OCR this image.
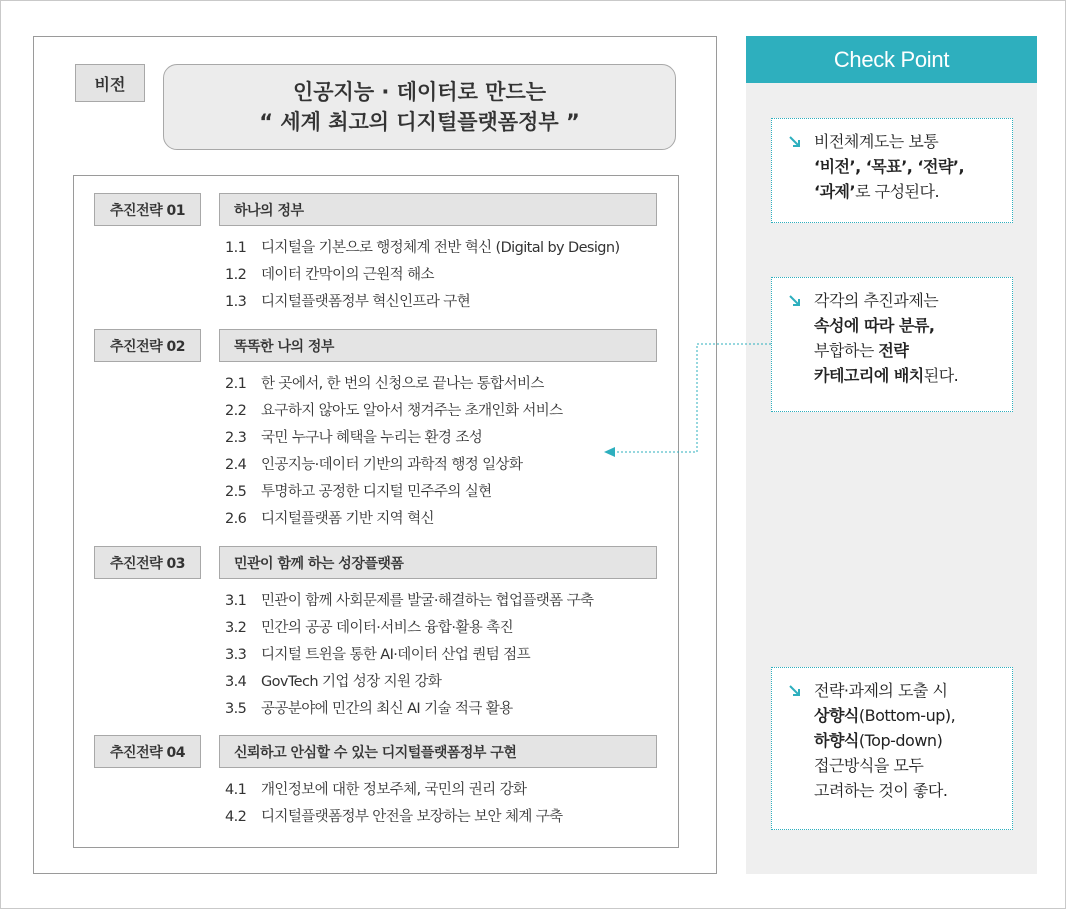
비전	인공지능 · 데이터로 만드는
“ 세계 최고의 디지털플랫폼정부 ”
추진전략 01	하나의 정부
1.1 디지털을 기본으로 행정체계 전반 혁신 (Digital by Design)
1.2 데이터 칸막이의 근원적 해소
1.3 디지털플랫폼정부 혁신인프라 구현
추진전략 02	똑똑한 나의 정부
2.1 한 곳에서, 한 번의 신청으로 끝나는 통합서비스
2.2 요구하지 않아도 알아서 챙겨주는 초개인화 서비스
2.3 국민 누구나 혜택을 누리는 환경 조성
2.4 인공지능·데이터 기반의 과학적 행정 일상화
2.5 투명하고 공정한 디지털 민주주의 실현
2.6 디지털플랫폼 기반 지역 혁신
추진전략 03	민관이 함께 하는 성장플랫폼
3.1 민관이 함께 사회문제를 발굴·해결하는 협업플랫폼 구축
3.2 민간의 공공 데이터·서비스 융합·활용 촉진
3.3 디지털 트윈을 통한 AI·데이터 산업 퀀텀 점프
3.4 GovTech 기업 성장 지원 강화
3.5 공공분야에 민간의 최신 AI 기술 적극 활용
추진전략 04	신뢰하고 안심할 수 있는 디지털플랫폼정부 구현
4.1 개인정보에 대한 정보주체, 국민의 권리 강화
4.2 디지털플랫폼정부 안전을 보장하는 보안 체계 구축
Check Point

비전체계도는 보통
‘비전’, ‘목표’, ‘전략’,
‘과제’로 구성된다.

각각의 추진과제는
속성에 따라 분류,
부합하는 전략
카테고리에 배치된다.

전략·과제의 도출 시
상향식(Bottom-up),
하향식(Top-down)
접근방식을 모두
고려하는 것이 좋다.
